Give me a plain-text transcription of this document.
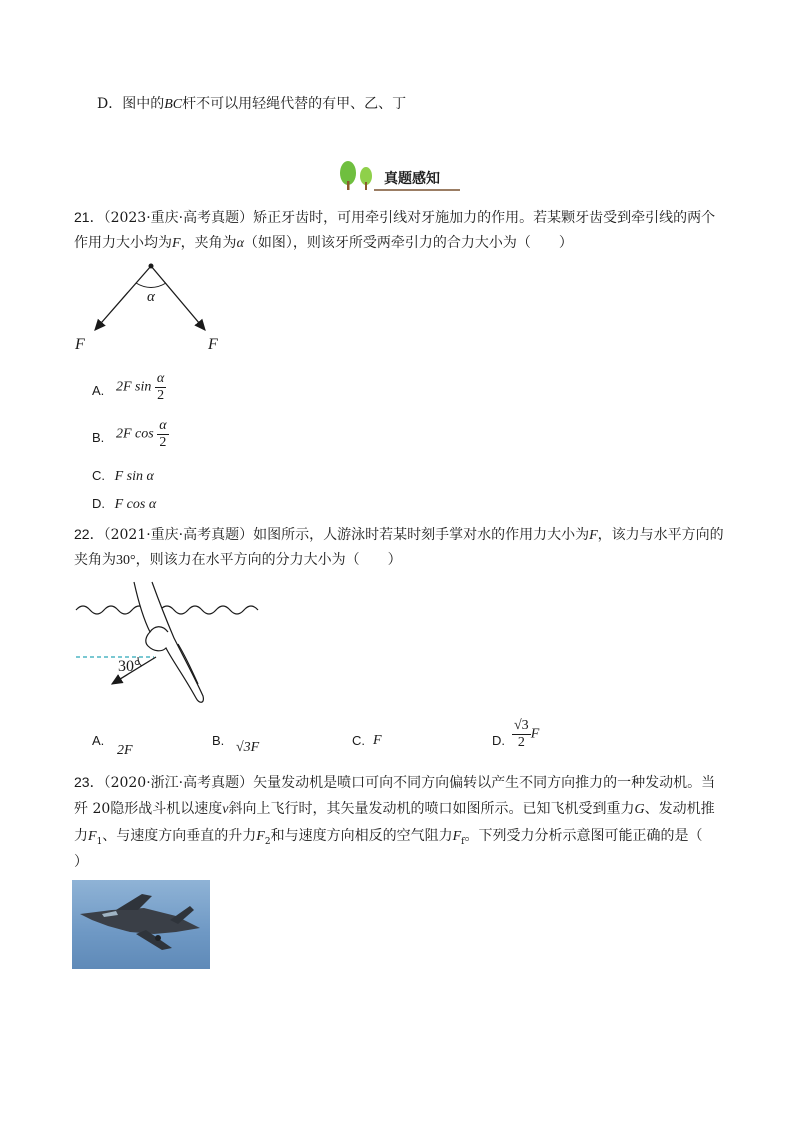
D．图中的BC杆不可以用轻绳代替的有甲、乙、丁
真题感知
21．（2023·重庆·高考真题）矫正牙齿时，可用牵引线对牙施加力的作用。若某颗牙齿受到牵引线的两个
作用力大小均为F，夹角为α（如图），则该牙所受两牵引力的合力大小为（　　）
α
F	F
A. 2F $\sin \frac{\alpha}{2}$
B. 2F $\cos \frac{\alpha}{2}$
C. F sin α
D. F cos α
22．（2021·重庆·高考真题）如图所示，人游泳时若某时刻手掌对水的作用力大小为F，该力与水平方向的
夹角为30°，则该力在水平方向的分力大小为（　　）
30°
A.
2F
B. √3F	C. F	D. $\frac{√3}{2}$ F
23．（2020·浙江·高考真题）矢量发动机是喷口可向不同方向偏转以产生不同方向推力的一种发动机。当
歼 20隐形战斗机以速度v斜向上飞行时，其矢量发动机的喷口如图所示。已知飞机受到重力G、发动机推
力$F_1$、与速度方向垂直的升力$F_2$和与速度方向相反的空气阻力$F_f$。下列受力分析示意图可能正确的是（
）
